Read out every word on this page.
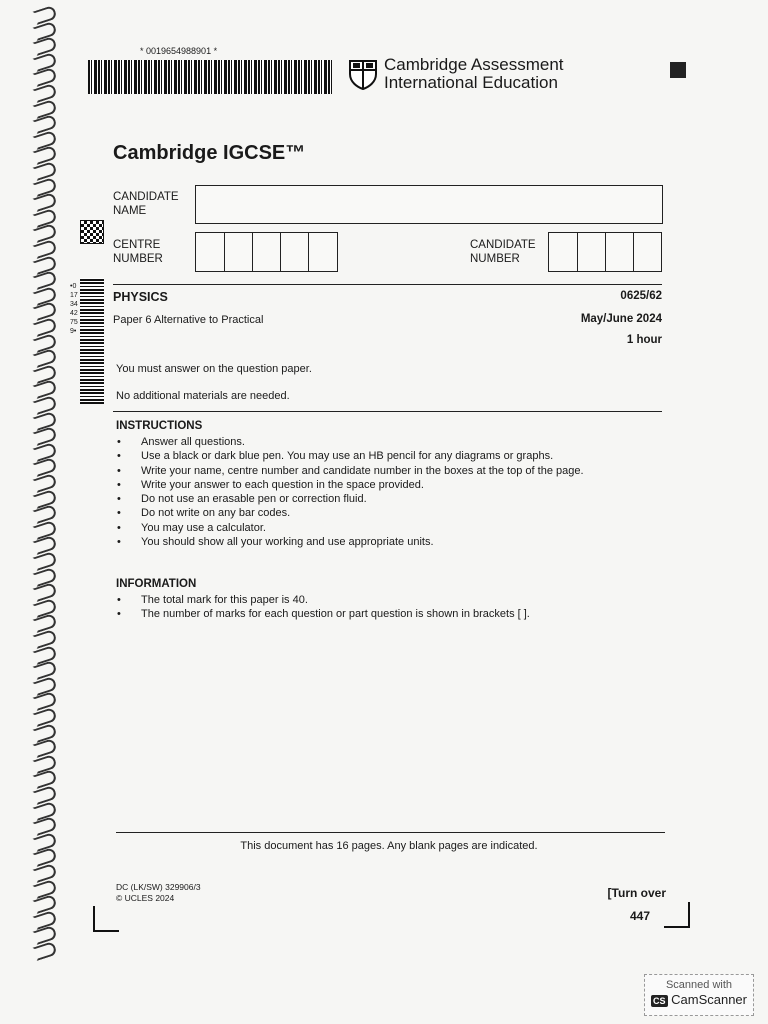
* 0019654988901 *
Cambridge Assessment
International Education
Cambridge IGCSE™
CANDIDATE
NAME
CENTRE
NUMBER
CANDIDATE
NUMBER
•0173442759•
PHYSICS	0625/62
Paper 6 Alternative to Practical	May/June 2024
1 hour
You must answer on the question paper.
No additional materials are needed.
INSTRUCTIONS
• Answer all questions.
• Use a black or dark blue pen. You may use an HB pencil for any diagrams or graphs.
• Write your name, centre number and candidate number in the boxes at the top of the page.
• Write your answer to each question in the space provided.
• Do not use an erasable pen or correction fluid.
• Do not write on any bar codes.
• You may use a calculator.
• You should show all your working and use appropriate units.
INFORMATION
• The total mark for this paper is 40.
• The number of marks for each question or part question is shown in brackets [ ].
This document has 16 pages. Any blank pages are indicated.
DC (LK/SW) 329906/3
© UCLES 2024	[Turn over
447
Scanned with
CS CamScanner
